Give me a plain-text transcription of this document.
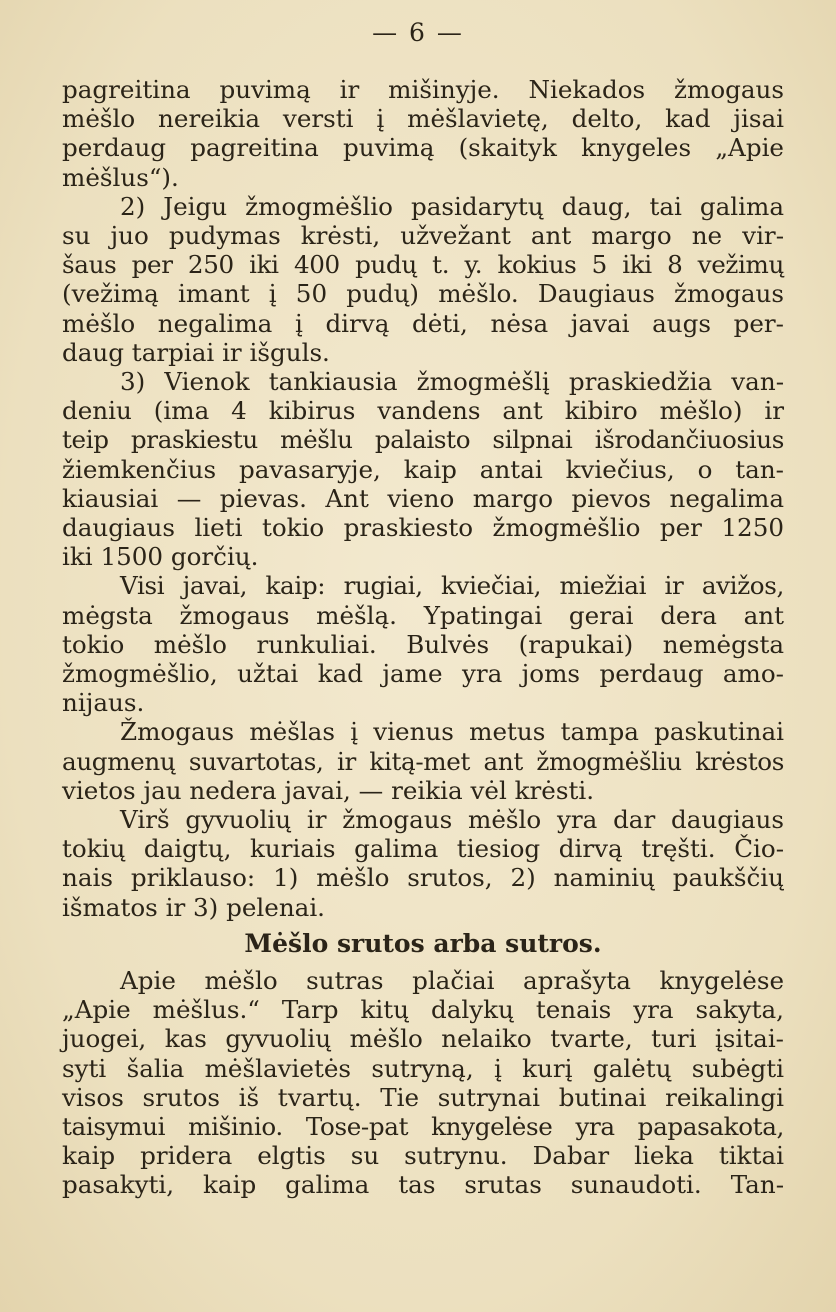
— 6 —
pagreitina puvimą ir mišinyje. Niekados žmogaus
mėšlo nereikia versti į mėšlavietę, delto, kad jisai
perdaug pagreitina puvimą (skaityk knygeles „Apie
mėšlus“).
2) Jeigu žmogmėšlio pasidarytų daug, tai galima
su juo pudymas krėsti, užvežant ant margo ne vir-
šaus per 250 iki 400 pudų t. y. kokius 5 iki 8 vežimų
(vežimą imant į 50 pudų) mėšlo. Daugiaus žmogaus
mėšlo negalima į dirvą dėti, nėsa javai augs per-
daug tarpiai ir išguls.
3) Vienok tankiausia žmogmėšlį praskiedžia van-
deniu (ima 4 kibirus vandens ant kibiro mėšlo) ir
teip praskiestu mėšlu palaisto silpnai išrodančiuosius
žiemkenčius pavasaryje, kaip antai kviečius, o tan-
kiausiai — pievas. Ant vieno margo pievos negalima
daugiaus lieti tokio praskiesto žmogmėšlio per 1250
iki 1500 gorčių.
Visi javai, kaip: rugiai, kviečiai, miežiai ir avižos,
mėgsta žmogaus mėšlą. Ypatingai gerai dera ant
tokio mėšlo runkuliai. Bulvės (rapukai) nemėgsta
žmogmėšlio, užtai kad jame yra joms perdaug amo-
nijaus.
Žmogaus mėšlas į vienus metus tampa paskutinai
augmenų suvartotas, ir kitą-met ant žmogmėšliu krėstos
vietos jau nedera javai, — reikia vėl krėsti.
Virš gyvuolių ir žmogaus mėšlo yra dar daugiaus
tokių daigtų, kuriais galima tiesiog dirvą tręšti. Čio-
nais priklauso: 1) mėšlo srutos, 2) naminių paukščių
išmatos ir 3) pelenai.
Mėšlo srutos arba sutros.
Apie mėšlo sutras plačiai aprašyta knygelėse
„Apie mėšlus.“ Tarp kitų dalykų tenais yra sakyta,
juogei, kas gyvuolių mėšlo nelaiko tvarte, turi įsitai-
syti šalia mėšlavietės sutryną, į kurį galėtų subėgti
visos srutos iš tvartų. Tie sutrynai butinai reikalingi
taisymui mišinio. Tose-pat knygelėse yra papasakota,
kaip pridera elgtis su sutrynu. Dabar lieka tiktai
pasakyti, kaip galima tas srutas sunaudoti. Tan-
